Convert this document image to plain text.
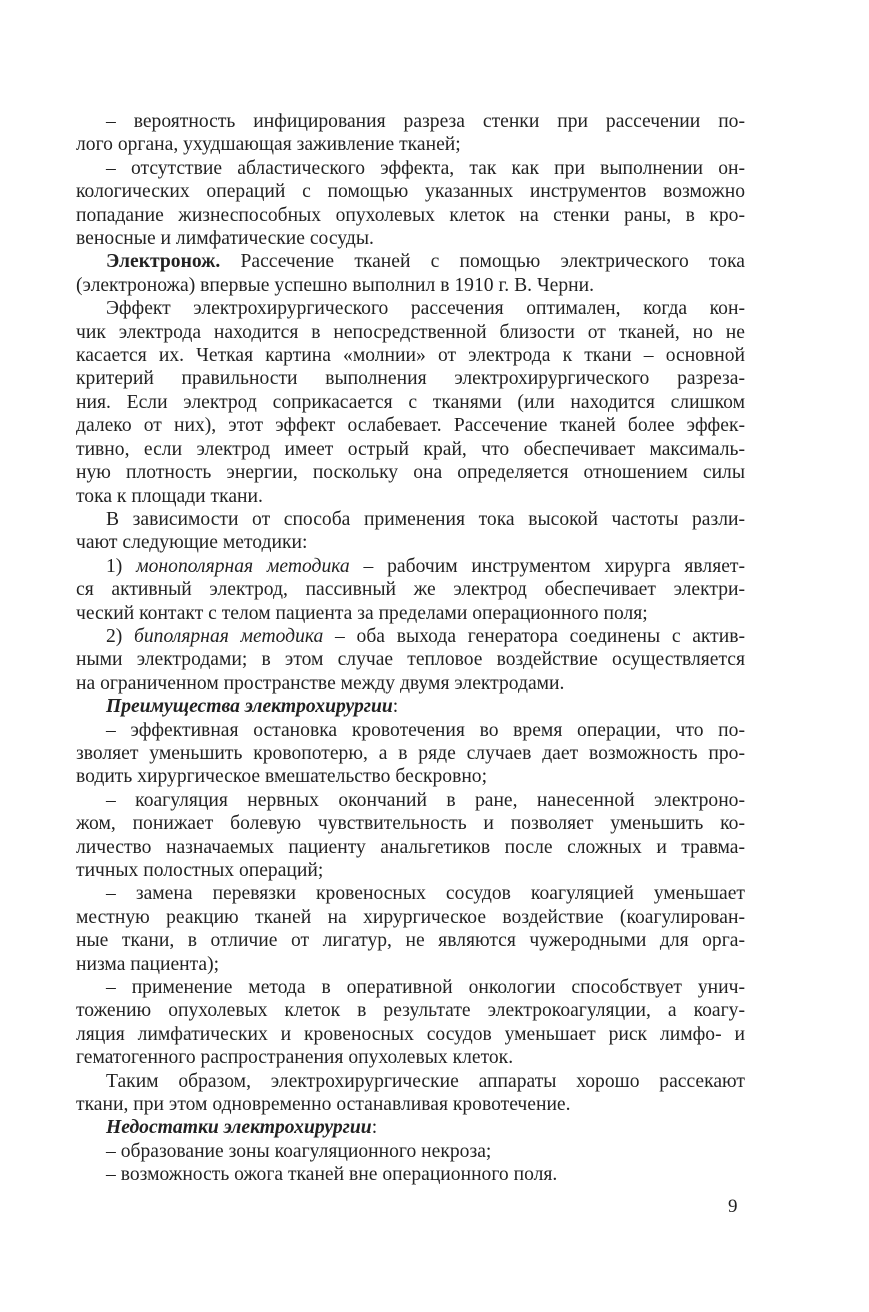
– вероятность инфицирования разреза стенки при рассечении по-
лого органа, ухудшающая заживление тканей;

– отсутствие абластического эффекта, так как при выполнении он-
кологических операций с помощью указанных инструментов возможно
попадание жизнеспособных опухолевых клеток на стенки раны, в кро-
веносные и лимфатические сосуды.

Электронож. Рассечение тканей с помощью электрического тока
(электроножа) впервые успешно выполнил в 1910 г. В. Черни.

Эффект электрохирургического рассечения оптимален, когда кон-
чик электрода находится в непосредственной близости от тканей, но не
касается их. Четкая картина «молнии» от электрода к ткани – основной
критерий правильности выполнения электрохирургического разреза-
ния. Если электрод соприкасается с тканями (или находится слишком
далеко от них), этот эффект ослабевает. Рассечение тканей более эффек-
тивно, если электрод имеет острый край, что обеспечивает максималь-
ную плотность энергии, поскольку она определяется отношением силы
тока к площади ткани.

В зависимости от способа применения тока высокой частоты разли-
чают следующие методики:

1) монополярная методика – рабочим инструментом хирурга являет-
ся активный электрод, пассивный же электрод обеспечивает электри-
ческий контакт с телом пациента за пределами операционного поля;

2) биполярная методика – оба выхода генератора соединены с актив-
ными электродами; в этом случае тепловое воздействие осуществляется
на ограниченном пространстве между двумя электродами.

Преимущества электрохирургии:

– эффективная остановка кровотечения во время операции, что по-
зволяет уменьшить кровопотерю, а в ряде случаев дает возможность про-
водить хирургическое вмешательство бескровно;

– коагуляция нервных окончаний в ране, нанесенной электроно-
жом, понижает болевую чувствительность и позволяет уменьшить ко-
личество назначаемых пациенту анальгетиков после сложных и травма-
тичных полостных операций;

– замена перевязки кровеносных сосудов коагуляцией уменьшает
местную реакцию тканей на хирургическое воздействие (коагулирован-
ные ткани, в отличие от лигатур, не являются чужеродными для орга-
низма пациента);

– применение метода в оперативной онкологии способствует унич-
тожению опухолевых клеток в результате электрокоагуляции, а коагу-
ляция лимфатических и кровеносных сосудов уменьшает риск лимфо- и
гематогенного распространения опухолевых клеток.

Таким образом, электрохирургические аппараты хорошо рассекают
ткани, при этом одновременно останавливая кровотечение.

Недостатки электрохирургии:

– образование зоны коагуляционного некроза;

– возможность ожога тканей вне операционного поля.

9
